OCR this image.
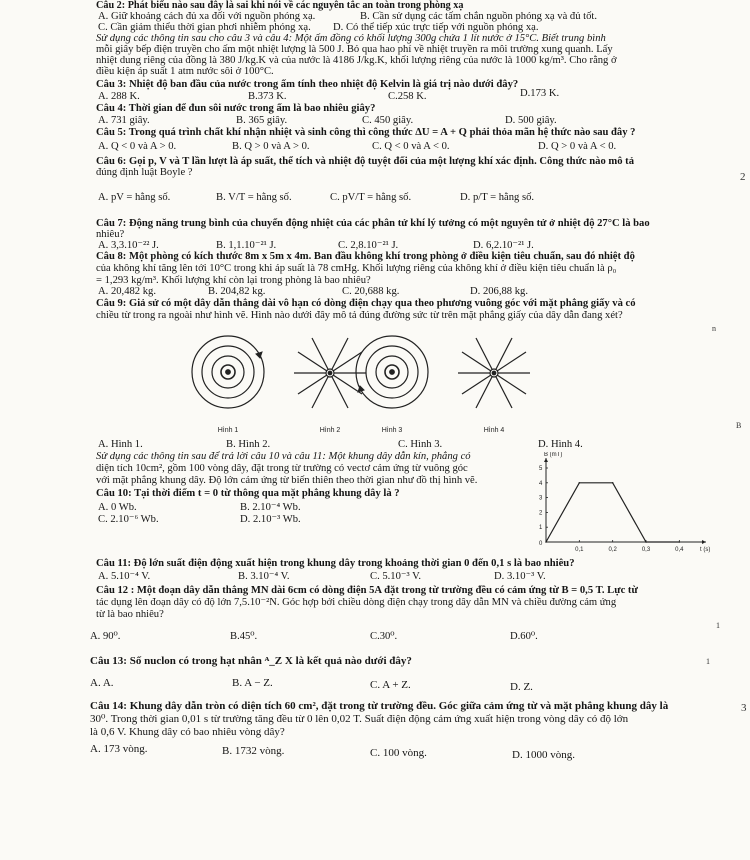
Câu 2: Phát biểu nào sau đây là sai khi nói về các nguyên tắc an toàn trong phòng xạ
A. Giữ khoảng cách đủ xa đối với nguồn phóng xạ.	B. Cần sử dụng các tấm chắn nguồn phóng xạ và đủ tốt.
C. Cần giảm thiểu thời gian phơi nhiễm phóng xạ. D. Có thể tiếp xúc trực tiếp với nguồn phóng xạ.
Sử dụng các thông tin sau cho câu 3 và câu 4: Một ấm đồng có khối lượng 300g chứa 1 lít nước ở 15°C. Biết trung bình
mỗi giây bếp điện truyền cho ấm một nhiệt lượng là 500 J. Bỏ qua hao phí về nhiệt truyền ra môi trường xung quanh. Lấy
nhiệt dung riêng của đồng là 380 J/kg.K và của nước là 4186 J/kg.K, khối lượng riêng của nước là 1000 kg/m³. Cho rằng ở
điều kiện áp suất 1 atm nước sôi ở 100°C.
Câu 3: Nhiệt độ ban đầu của nước trong ấm tính theo nhiệt độ Kelvin là giá trị nào dưới đây?
A. 288 K.	B.373 K.	C.258 K.	D.173 K.
Câu 4: Thời gian để đun sôi nước trong ấm là bao nhiêu giây?
A. 731 giây.	B. 365 giây.	C. 450 giây.	D. 500 giây.
Câu 5: Trong quá trình chất khí nhận nhiệt và sinh công thì công thức ΔU = A + Q phải thỏa mãn hệ thức nào sau đây ?
A. Q < 0 và A > 0.	B. Q > 0 và A > 0.	C. Q < 0 và A < 0.	D. Q > 0 và A < 0.
Câu 6: Gọi p, V và T lần lượt là áp suất, thể tích và nhiệt độ tuyệt đối của một lượng khí xác định. Công thức nào mô tả
đúng định luật Boyle ?
A. pV = hằng số.	B. V/T = hằng số.	C. pV/T = hằng số.	D. p/T = hằng số.
Câu 7: Động năng trung bình của chuyển động nhiệt của các phân tử khí lý tưởng có một nguyên tử ở nhiệt độ 27°C là bao
nhiêu?
A. 3,3.10⁻²² J.	B. 1,1.10⁻²¹ J.	C. 2,8.10⁻²¹ J.	D. 6,2.10⁻²¹ J.
Câu 8: Một phòng có kích thước 8m x 5m x 4m. Ban đầu không khí trong phòng ở điều kiện tiêu chuẩn, sau đó nhiệt độ
của không khí tăng lên tới 10°C trong khi áp suất là 78 cmHg. Khối lượng riêng của không khí ở điều kiện tiêu chuẩn là ρ₀
= 1,293 kg/m³. Khối lượng khí còn lại trong phòng là bao nhiêu?
A. 20,482 kg.	B. 204,82 kg.	C. 20,688 kg.	D. 206,88 kg.
Câu 9: Giả sử có một dây dẫn thẳng dài vô hạn có dòng điện chạy qua theo phương vuông góc với mặt phẳng giấy và có
chiều từ trong ra ngoài như hình vẽ. Hình nào dưới đây mô tả đúng đường sức từ trên mặt phẳng giấy của dây dẫn đang xét?
Hình 1	Hình 2	Hình 3	Hình 4
A. Hình 1.	B. Hình 2.	C. Hình 3.	D. Hình 4.
Sử dụng các thông tin sau để trả lời câu 10 và câu 11: Một khung dây dẫn kín, phẳng có
diện tích 10cm², gồm 100 vòng dây, đặt trong từ trường có vectơ cảm ứng từ vuông góc
với mặt phẳng khung dây. Độ lớn cảm ứng từ biến thiên theo thời gian như đồ thị hình vẽ.
B (mT)
t (s)
0
0,1	0,2	0,3	0,4
1
2
3
4
5
Câu 10: Tại thời điểm t = 0 từ thông qua mặt phẳng khung dây là ?
A. 0 Wb.	B. 2.10⁻⁴ Wb.
C. 2.10⁻⁶ Wb.	D. 2.10⁻³ Wb.
Câu 11: Độ lớn suất điện động xuất hiện trong khung dây trong khoảng thời gian 0 đến 0,1 s là bao nhiêu?
A. 5.10⁻⁴ V.	B. 3.10⁻⁴ V.	C. 5.10⁻³ V.	D. 3.10⁻³ V.
Câu 12 : Một đoạn dây dẫn thẳng MN dài 6cm có dòng điện 5A đặt trong từ trường đều có cảm ứng từ B = 0,5 T. Lực từ
tác dụng lên đoạn dây có độ lớn 7,5.10⁻²N. Góc hợp bởi chiều dòng điện chạy trong dây dẫn MN và chiều đường cảm ứng
từ là bao nhiêu?
A. 90⁰.	B.45⁰.	C.30⁰.	D.60⁰.
Câu 13: Số nuclon có trong hạt nhân ᴬ_Z X là kết quả nào dưới đây?
A. A.	B. A − Z.	C. A + Z.	D. Z.
Câu 14: Khung dây dẫn tròn có diện tích 60 cm², đặt trong từ trường đều. Góc giữa cảm ứng từ và mặt phẳng khung dây là
30⁰. Trong thời gian 0,01 s từ trường tăng đều từ 0 lên 0,02 T. Suất điện động cảm ứng xuất hiện trong vòng dây có độ lớn
là 0,6 V. Khung dây có bao nhiêu vòng dây?
A. 173 vòng.	B. 1732 vòng.	C. 100 vòng.	D. 1000 vòng.
2
n
B
1
1
3
